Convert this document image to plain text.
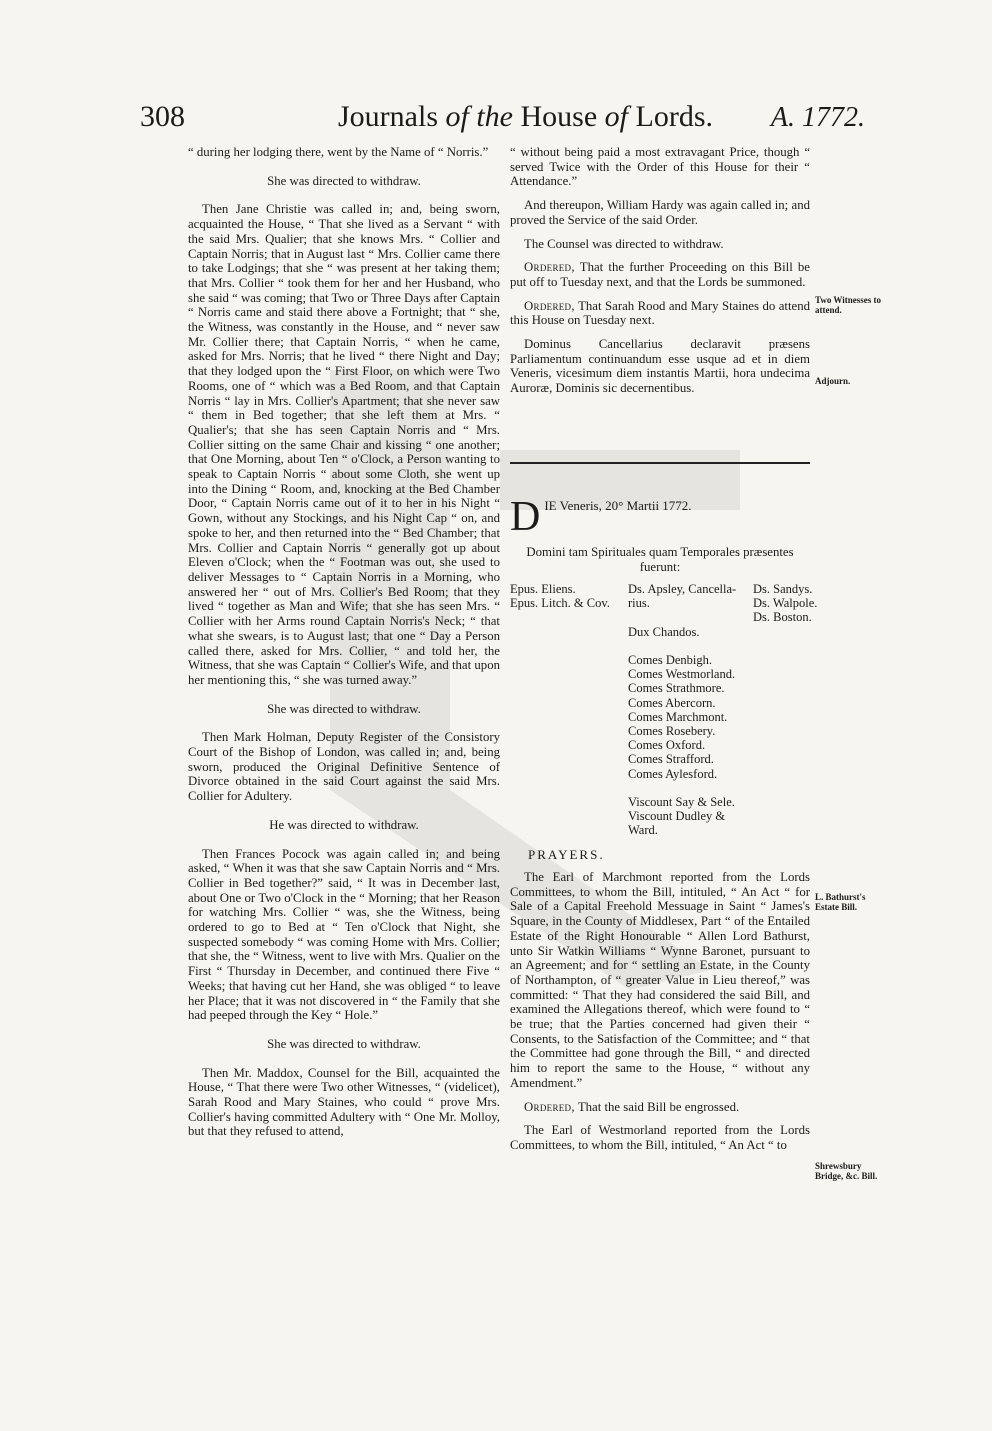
308	Journals of the House of Lords. A. 1772.

“ during her lodging there, went by the Name of “ Norris.”

She was directed to withdraw.

Then Jane Christie was called in; and, being sworn, acquainted the House, “ That she lived as a Servant “ with the said Mrs. Qualier; that she knows Mrs. “ Collier and Captain Norris; that in August last “ Mrs. Collier came there to take Lodgings; that she “ was present at her taking them; that Mrs. Collier “ took them for her and her Husband, who she said “ was coming; that Two or Three Days after Captain “ Norris came and staid there above a Fortnight; that “ she, the Witness, was constantly in the House, and “ never saw Mr. Collier there; that Captain Norris, “ when he came, asked for Mrs. Norris; that he lived “ there Night and Day; that they lodged upon the “ First Floor, on which were Two Rooms, one of “ which was a Bed Room, and that Captain Norris “ lay in Mrs. Collier's Apartment; that she never saw “ them in Bed together; that she left them at Mrs. “ Qualier's; that she has seen Captain Norris and “ Mrs. Collier sitting on the same Chair and kissing “ one another; that One Morning, about Ten “ o'Clock, a Person wanting to speak to Captain Norris “ about some Cloth, she went up into the Dining “ Room, and, knocking at the Bed Chamber Door, “ Captain Norris came out of it to her in his Night “ Gown, without any Stockings, and his Night Cap “ on, and spoke to her, and then returned into the “ Bed Chamber; that Mrs. Collier and Captain Norris “ generally got up about Eleven o'Clock; when the “ Footman was out, she used to deliver Messages to “ Captain Norris in a Morning, who answered her “ out of Mrs. Collier's Bed Room; that they lived “ together as Man and Wife; that she has seen Mrs. “ Collier with her Arms round Captain Norris's Neck; “ that what she swears, is to August last; that one “ Day a Person called there, asked for Mrs. Collier, “ and told her, the Witness, that she was Captain “ Collier's Wife, and that upon her mentioning this, “ she was turned away.”

She was directed to withdraw.

Then Mark Holman, Deputy Register of the Consistory Court of the Bishop of London, was called in; and, being sworn, produced the Original Definitive Sentence of Divorce obtained in the said Court against the said Mrs. Collier for Adultery.

He was directed to withdraw.

Then Frances Pocock was again called in; and being asked, “ When it was that she saw Captain Norris and “ Mrs. Collier in Bed together?” said, “ It was in December last, about One or Two o'Clock in the “ Morning; that her Reason for watching Mrs. Collier “ was, she the Witness, being ordered to go to Bed at “ Ten o'Clock that Night, she suspected somebody “ was coming Home with Mrs. Collier; that she, the “ Witness, went to live with Mrs. Qualier on the First “ Thursday in December, and continued there Five “ Weeks; that having cut her Hand, she was obliged “ to leave her Place; that it was not discovered in “ the Family that she had peeped through the Key “ Hole.”

She was directed to withdraw.

Then Mr. Maddox, Counsel for the Bill, acquainted the House, “ That there were Two other Witnesses, “ (videlicet), Sarah Rood and Mary Staines, who could “ prove Mrs. Collier's having committed Adultery with “ One Mr. Molloy, but that they refused to attend,

“ without being paid a most extravagant Price, though “ served Twice with the Order of this House for their “ Attendance.”

And thereupon, William Hardy was again called in; and proved the Service of the said Order.

The Counsel was directed to withdraw.

Ordered, That the further Proceeding on this Bill be put off to Tuesday next, and that the Lords be summoned.

Ordered, That Sarah Rood and Mary Staines do attend this House on Tuesday next.

Dominus Cancellarius declaravit præsens Parliamentum continuandum esse usque ad et in diem Veneris, vicesimum diem instantis Martii, hora undecima Auroræ, Dominis sic decernentibus.

Two Witnesses to attend.
Adjourn.
D IE Veneris, 20° Martii 1772.
Domini tam Spirituales quam Temporales præsentes fuerunt:
Epus. Eliens.
Epus. Litch. & Cov.
Ds. Apsley, Cancella-
rius.

Dux Chandos.

Comes Denbigh.
Comes Westmorland.
Comes Strathmore.
Comes Abercorn.
Comes Marchmont.
Comes Rosebery.
Comes Oxford.
Comes Strafford.
Comes Aylesford.

Viscount Say & Sele.
Viscount Dudley &
Ward.
Ds. Sandys.
Ds. Walpole.
Ds. Boston.
PRAYERS.

The Earl of Marchmont reported from the Lords Committees, to whom the Bill, intituled, “ An Act “ for Sale of a Capital Freehold Messuage in Saint “ James's Square, in the County of Middlesex, Part “ of the Entailed Estate of the Right Honourable “ Allen Lord Bathurst, unto Sir Watkin Williams “ Wynne Baronet, pursuant to an Agreement; and for “ settling an Estate, in the County of Northampton, of “ greater Value in Lieu thereof,” was committed: “ That they had considered the said Bill, and examined the Allegations thereof, which were found to “ be true; that the Parties concerned had given their “ Consents, to the Satisfaction of the Committee; and “ that the Committee had gone through the Bill, “ and directed him to report the same to the House, “ without any Amendment.”

Ordered, That the said Bill be engrossed.

The Earl of Westmorland reported from the Lords Committees, to whom the Bill, intituled, “ An Act “ to

L. Bathurst's Estate Bill.
Shrewsbury Bridge, &c. Bill.
